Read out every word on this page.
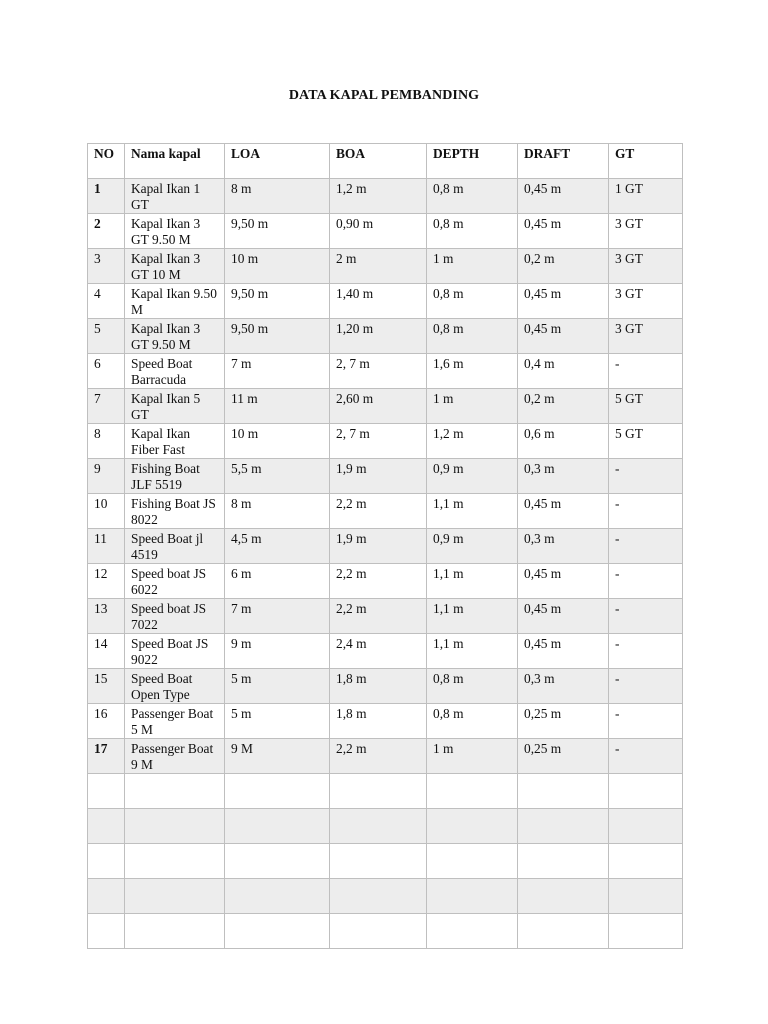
DATA KAPAL PEMBANDING
NO	Nama kapal	LOA	BOA	DEPTH	DRAFT	GT
1	Kapal Ikan 1 GT	8 m	1,2 m	0,8 m	0,45 m	1 GT
2	Kapal Ikan 3 GT 9.50 M	9,50 m	0,90 m	0,8 m	0,45 m	3 GT
3	Kapal Ikan 3 GT 10 M	10 m	2 m	1 m	0,2 m	3 GT
4	Kapal Ikan 9.50 M	9,50 m	1,40 m	0,8 m	0,45 m	3 GT
5	Kapal Ikan 3 GT 9.50 M	9,50 m	1,20 m	0,8 m	0,45 m	3 GT
6	Speed Boat Barracuda	7 m	2, 7 m	1,6 m	0,4 m	-
7	Kapal Ikan 5 GT	11 m	2,60 m	1 m	0,2 m	5 GT
8	Kapal Ikan Fiber Fast	10 m	2, 7 m	1,2 m	0,6 m	5 GT
9	Fishing Boat JLF 5519	5,5 m	1,9 m	0,9 m	0,3 m	-
10	Fishing Boat JS 8022	8 m	2,2 m	1,1 m	0,45 m	-
11	Speed Boat jl 4519	4,5 m	1,9 m	0,9 m	0,3 m	-
12	Speed boat JS 6022	6 m	2,2 m	1,1 m	0,45 m	-
13	Speed boat JS 7022	7 m	2,2 m	1,1 m	0,45 m	-
14	Speed Boat JS 9022	9 m	2,4 m	1,1 m	0,45 m	-
15	Speed Boat Open Type	5 m	1,8 m	0,8 m	0,3 m	-
16	Passenger Boat 5 M	5 m	1,8 m	0,8 m	0,25 m	-
17	Passenger Boat 9 M	9 M	2,2 m	1 m	0,25 m	-
